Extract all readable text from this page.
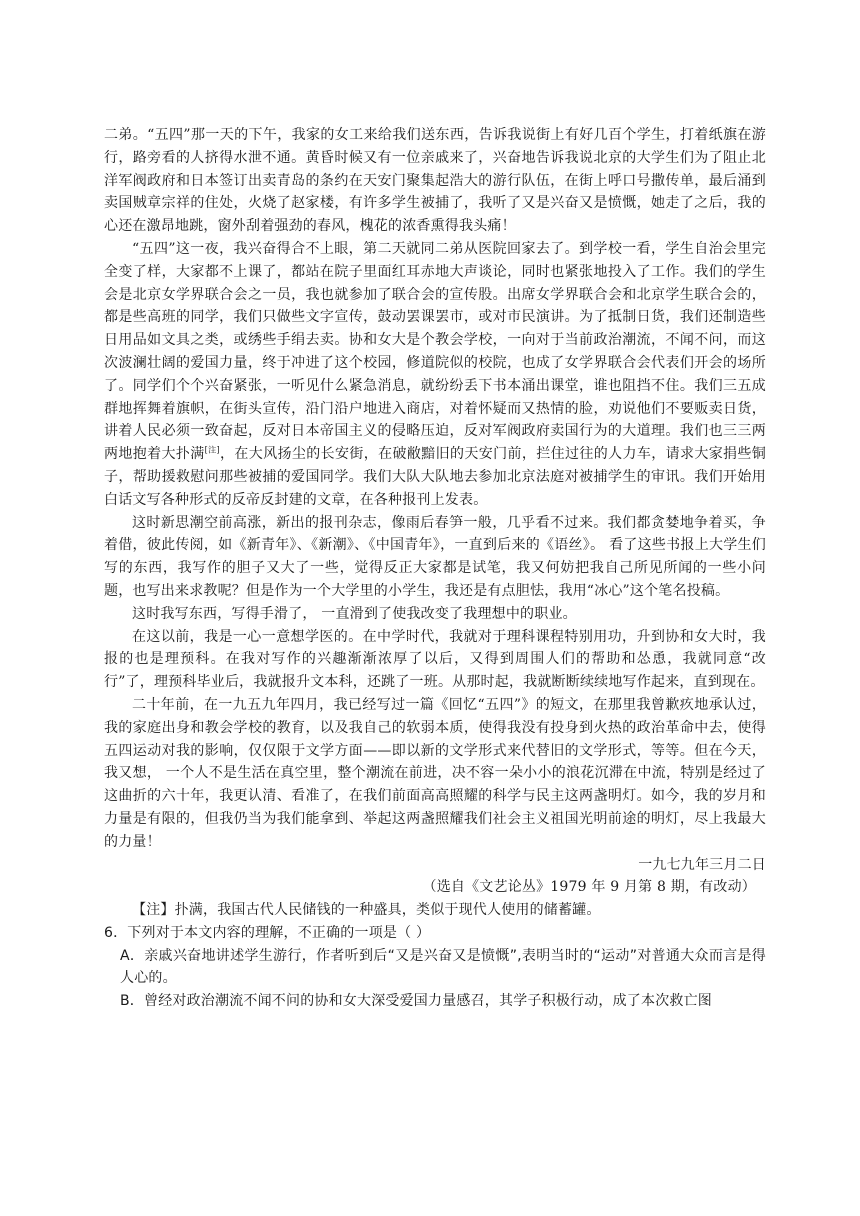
二弟。“五四”那一天的下午，我家的女工来给我们送东西，告诉我说街上有好几百个学生，打着纸旗在游行，路旁看的人挤得水泄不通。黄昏时候又有一位亲戚来了，兴奋地告诉我说北京的大学生们为了阻止北洋军阀政府和日本签订出卖青岛的条约在天安门聚集起浩大的游行队伍，在街上呼口号撒传单，最后涌到卖国贼章宗祥的住处，火烧了赵家楼，有许多学生被捕了，我听了又是兴奋又是愤慨，她走了之后，我的心还在激昂地跳，窗外刮着强劲的春风，槐花的浓香熏得我头痛！

“五四”这一夜，我兴奋得合不上眼，第二天就同二弟从医院回家去了。到学校一看，学生自治会里完全变了样，大家都不上课了，都站在院子里面红耳赤地大声谈论，同时也紧张地投入了工作。我们的学生会是北京女学界联合会之一员，我也就参加了联合会的宣传股。出席女学界联合会和北京学生联合会的，都是些高班的同学，我们只做些文字宣传，鼓动罢课罢市，或对市民演讲。为了抵制日货，我们还制造些日用品如文具之类，或绣些手绢去卖。协和女大是个教会学校，一向对于当前政治潮流，不闻不问，而这次波澜壮阔的爱国力量，终于冲进了这个校园，修道院似的校院，也成了女学界联合会代表们开会的场所了。同学们个个兴奋紧张，一听见什么紧急消息，就纷纷丢下书本涌出课堂，谁也阻挡不住。我们三五成群地挥舞着旗帜，在街头宣传，沿门沿户地进入商店，对着怀疑而又热情的脸，劝说他们不要贩卖日货，讲着人民必须一致奋起，反对日本帝国主义的侵略压迫，反对军阀政府卖国行为的大道理。我们也三三两两地抱着大扑满[注]，在大风扬尘的长安街，在破敝黯旧的天安门前，拦住过往的人力车，请求大家捐些铜子，帮助援救慰问那些被捕的爱国同学。我们大队大队地去参加北京法庭对被捕学生的审讯。我们开始用白话文写各种形式的反帝反封建的文章，在各种报刊上发表。

这时新思潮空前高涨，新出的报刊杂志，像雨后春笋一般，几乎看不过来。我们都贪婪地争着买，争着借，彼此传阅，如《新青年》、《新潮》、《中国青年》，一直到后来的《语丝》。 看了这些书报上大学生们写的东西，我写作的胆子又大了一些，觉得反正大家都是试笔，我又何妨把我自己所见所闻的一些小问题，也写出来求教呢？但是作为一个大学里的小学生，我还是有点胆怯，我用“冰心”这个笔名投稿。

这时我写东西，写得手滑了， 一直滑到了使我改变了我理想中的职业。

在这以前，我是一心一意想学医的。在中学时代，我就对于理科课程特别用功，升到协和女大时，我报的也是理预科。在我对写作的兴趣渐渐浓厚了以后，又得到周围人们的帮助和怂恿，我就同意“改行”了，理预科毕业后，我就报升文本科，还跳了一班。从那时起，我就断断续续地写作起来，直到现在。

二十年前，在一九五九年四月，我已经写过一篇《回忆“五四”》的短文，在那里我曾歉疚地承认过，我的家庭出身和教会学校的教育，以及我自己的软弱本质，使得我没有投身到火热的政治革命中去，使得五四运动对我的影响，仅仅限于文学方面——即以新的文学形式来代替旧的文学形式，等等。但在今天，我又想， 一个人不是生活在真空里，整个潮流在前进，决不容一朵小小的浪花沉滞在中流，特别是经过了这曲折的六十年，我更认清、看准了，在我们前面高高照耀的科学与民主这两盏明灯。如今，我的岁月和力量是有限的，但我仍当为我们能拿到、举起这两盏照耀我们社会主义祖国光明前途的明灯，尽上我最大的力量！

一九七九年三月二日

（选自《文艺论丛》1979 年 9 月第 8 期，有改动）

【注】扑满，我国古代人民储钱的一种盛具，类似于现代人使用的储蓄罐。

6．下列对于本文内容的理解，不正确的一项是（ ）

A．亲戚兴奋地讲述学生游行，作者听到后“又是兴奋又是愤慨”,表明当时的“运动”对普通大众而言是得人心的。

B．曾经对政治潮流不闻不问的协和女大深受爱国力量感召，其学子积极行动，成了本次救亡图
